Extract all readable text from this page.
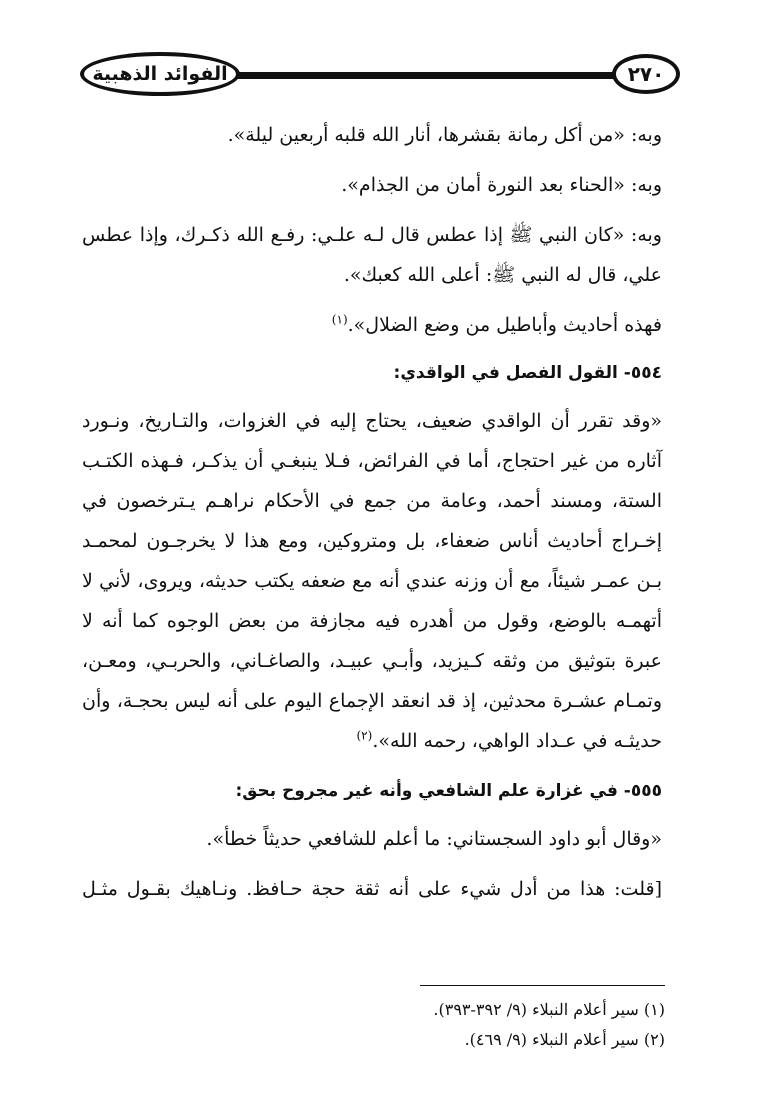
الفوائد الذهبية	٢٧٠

وبه: «من أكل رمانة بقشرها، أنار الله قلبه أربعين ليلة».

وبه: «الحناء بعد النورة أمان من الجذام».

وبه: «كان النبي ﷺ إذا عطس قال لـه علـي: رفـع الله ذكـرك، وإذا عطس علي، قال له النبي ﷺ: أعلى الله كعبك».

فهذه أحاديث وأباطيل من وضع الضلال».$^{(١)}$

٥٥٤- القول الفصل في الواقدي:

«وقد تقرر أن الواقدي ضعيف، يحتاج إليه في الغزوات، والتـاريخ، ونـورد آثاره من غير احتجاج، أما في الفرائض، فـلا ينبغـي أن يذكـر، فـهذه الكتـب الستة، ومسند أحمد، وعامة من جمع في الأحكام نراهـم يـترخصون في إخـراج أحاديث أناس ضعفاء، بل ومتروكين، ومع هذا لا يخرجـون لمحمـد بـن عمـر شيئاً، مع أن وزنه عندي أنه مع ضعفه يكتب حديثه، ويروى، لأني لا أتهمـه بالوضع، وقول من أهدره فيه مجازفة من بعض الوجوه كما أنه لا عبرة بتوثيق من وثقه كـيزيد، وأبـي عبيـد، والصاغـاني، والحربـي، ومعـن، وتمـام عشـرة محدثين، إذ قد انعقد الإجماع اليوم على أنه ليس بحجـة، وأن حديثـه في عـداد الواهي، رحمه الله».$^{(٢)}$

٥٥٥- في غزارة علم الشافعي وأنه غير مجروح بحق:

«وقال أبو داود السجستاني: ما أعلم للشافعي حديثاً خطأ».

[قلت: هذا من أدل شيء على أنه ثقة حجة حـافظ. ونـاهيك بقـول مثـل

(١) سير أعلام النبلاء (٩/ ٣٩٢-٣٩٣).

(٢) سير أعلام النبلاء (٩/ ٤٦٩).
